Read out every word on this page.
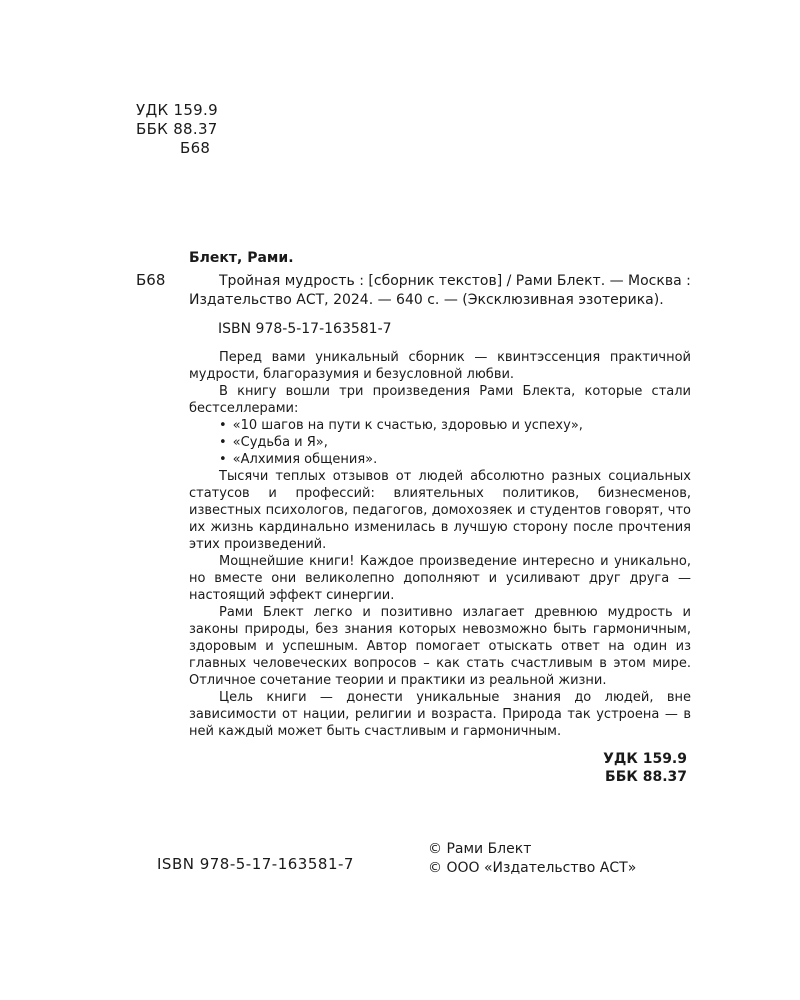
УДК 159.9
ББК 88.37
Б68
Блект, Рами.
Б68	Тройная мудрость : [сборник текстов] / Рами Блект. — Москва :
Издательство АСТ, 2024. — 640 с. — (Эксклюзивная эзотерика).
ISBN 978-5-17-163581-7

Перед вами уникальный сборник — квинтэссенция практичной мудрости, благоразумия и безусловной любви.

В книгу вошли три произведения Рами Блекта, которые стали бестселлерами:

• «10 шагов на пути к счастью, здоровью и успеху»,
• «Судьба и Я»,
• «Алхимия общения».

Тысячи теплых отзывов от людей абсолютно разных социальных статусов и профессий: влиятельных политиков, бизнесменов, известных психологов, педагогов, домохозяек и студентов говорят, что их жизнь кардинально изменилась в лучшую сторону после прочтения этих произведений.

Мощнейшие книги! Каждое произведение интересно и уникально, но вместе они великолепно дополняют и усиливают друг друга — настоящий эффект синергии.

Рами Блект легко и позитивно излагает древнюю мудрость и законы природы, без знания которых невозможно быть гармоничным, здоровым и успешным. Автор помогает отыскать ответ на один из главных человеческих вопросов – как стать счастливым в этом мире. Отличное сочетание теории и практики из реальной жизни.

Цель книги — донести уникальные знания до людей, вне зависимости от нации, религии и возраста. Природа так устроена — в ней каждый может быть счастливым и гармоничным.

УДК 159.9
ББК 88.37
ISBN 978-5-17-163581-7
© Рами Блект
© ООО «Издательство АСТ»
